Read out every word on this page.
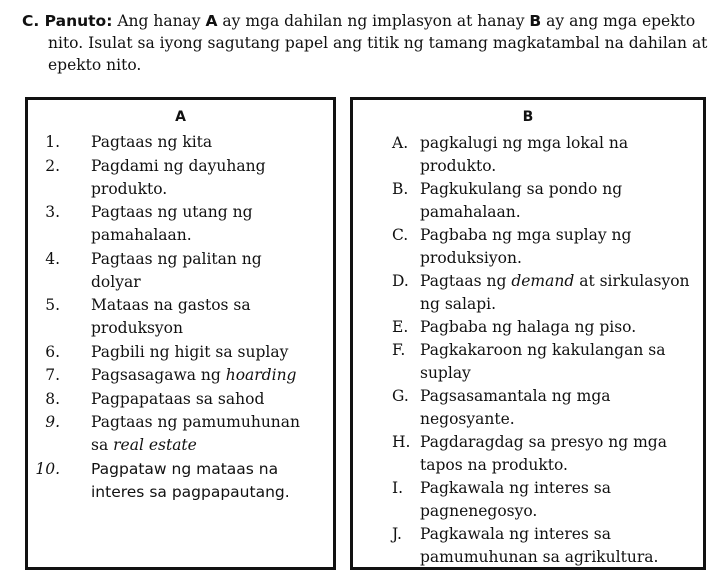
C. Panuto: Ang hanay A ay mga dahilan ng implasyon at hanay B ay ang mga epekto nito. Isulat sa iyong sagutang papel ang titik ng tamang magkatambal na dahilan at epekto nito.
A
1. Pagtaas ng kita
2. Pagdami ng dayuhang produkto.
3. Pagtaas ng utang ng pamahalaan.
4. Pagtaas ng palitan ng dolyar
5. Mataas na gastos sa produksyon
6. Pagbili ng higit sa suplay
7. Pagsasagawa ng hoarding
8. Pagpapataas sa sahod
9. Pagtaas ng pamumuhunan sa real estate
10. Pagpataw ng mataas na interes sa pagpapautang.
B
A. pagkalugi ng mga lokal na produkto.
B. Pagkukulang sa pondo ng pamahalaan.
C. Pagbaba ng mga suplay ng produksiyon.
D. Pagtaas ng demand at sirkulasyon ng salapi.
E. Pagbaba ng halaga ng piso.
F. Pagkakaroon ng kakulangan sa suplay
G. Pagsasamantala ng mga negosyante.
H. Pagdaragdag sa presyo ng mga tapos na produkto.
I.	Pagkawala ng interes sa pagnenegosyo.
J.	Pagkawala ng interes sa pamumuhunan sa agrikultura.
